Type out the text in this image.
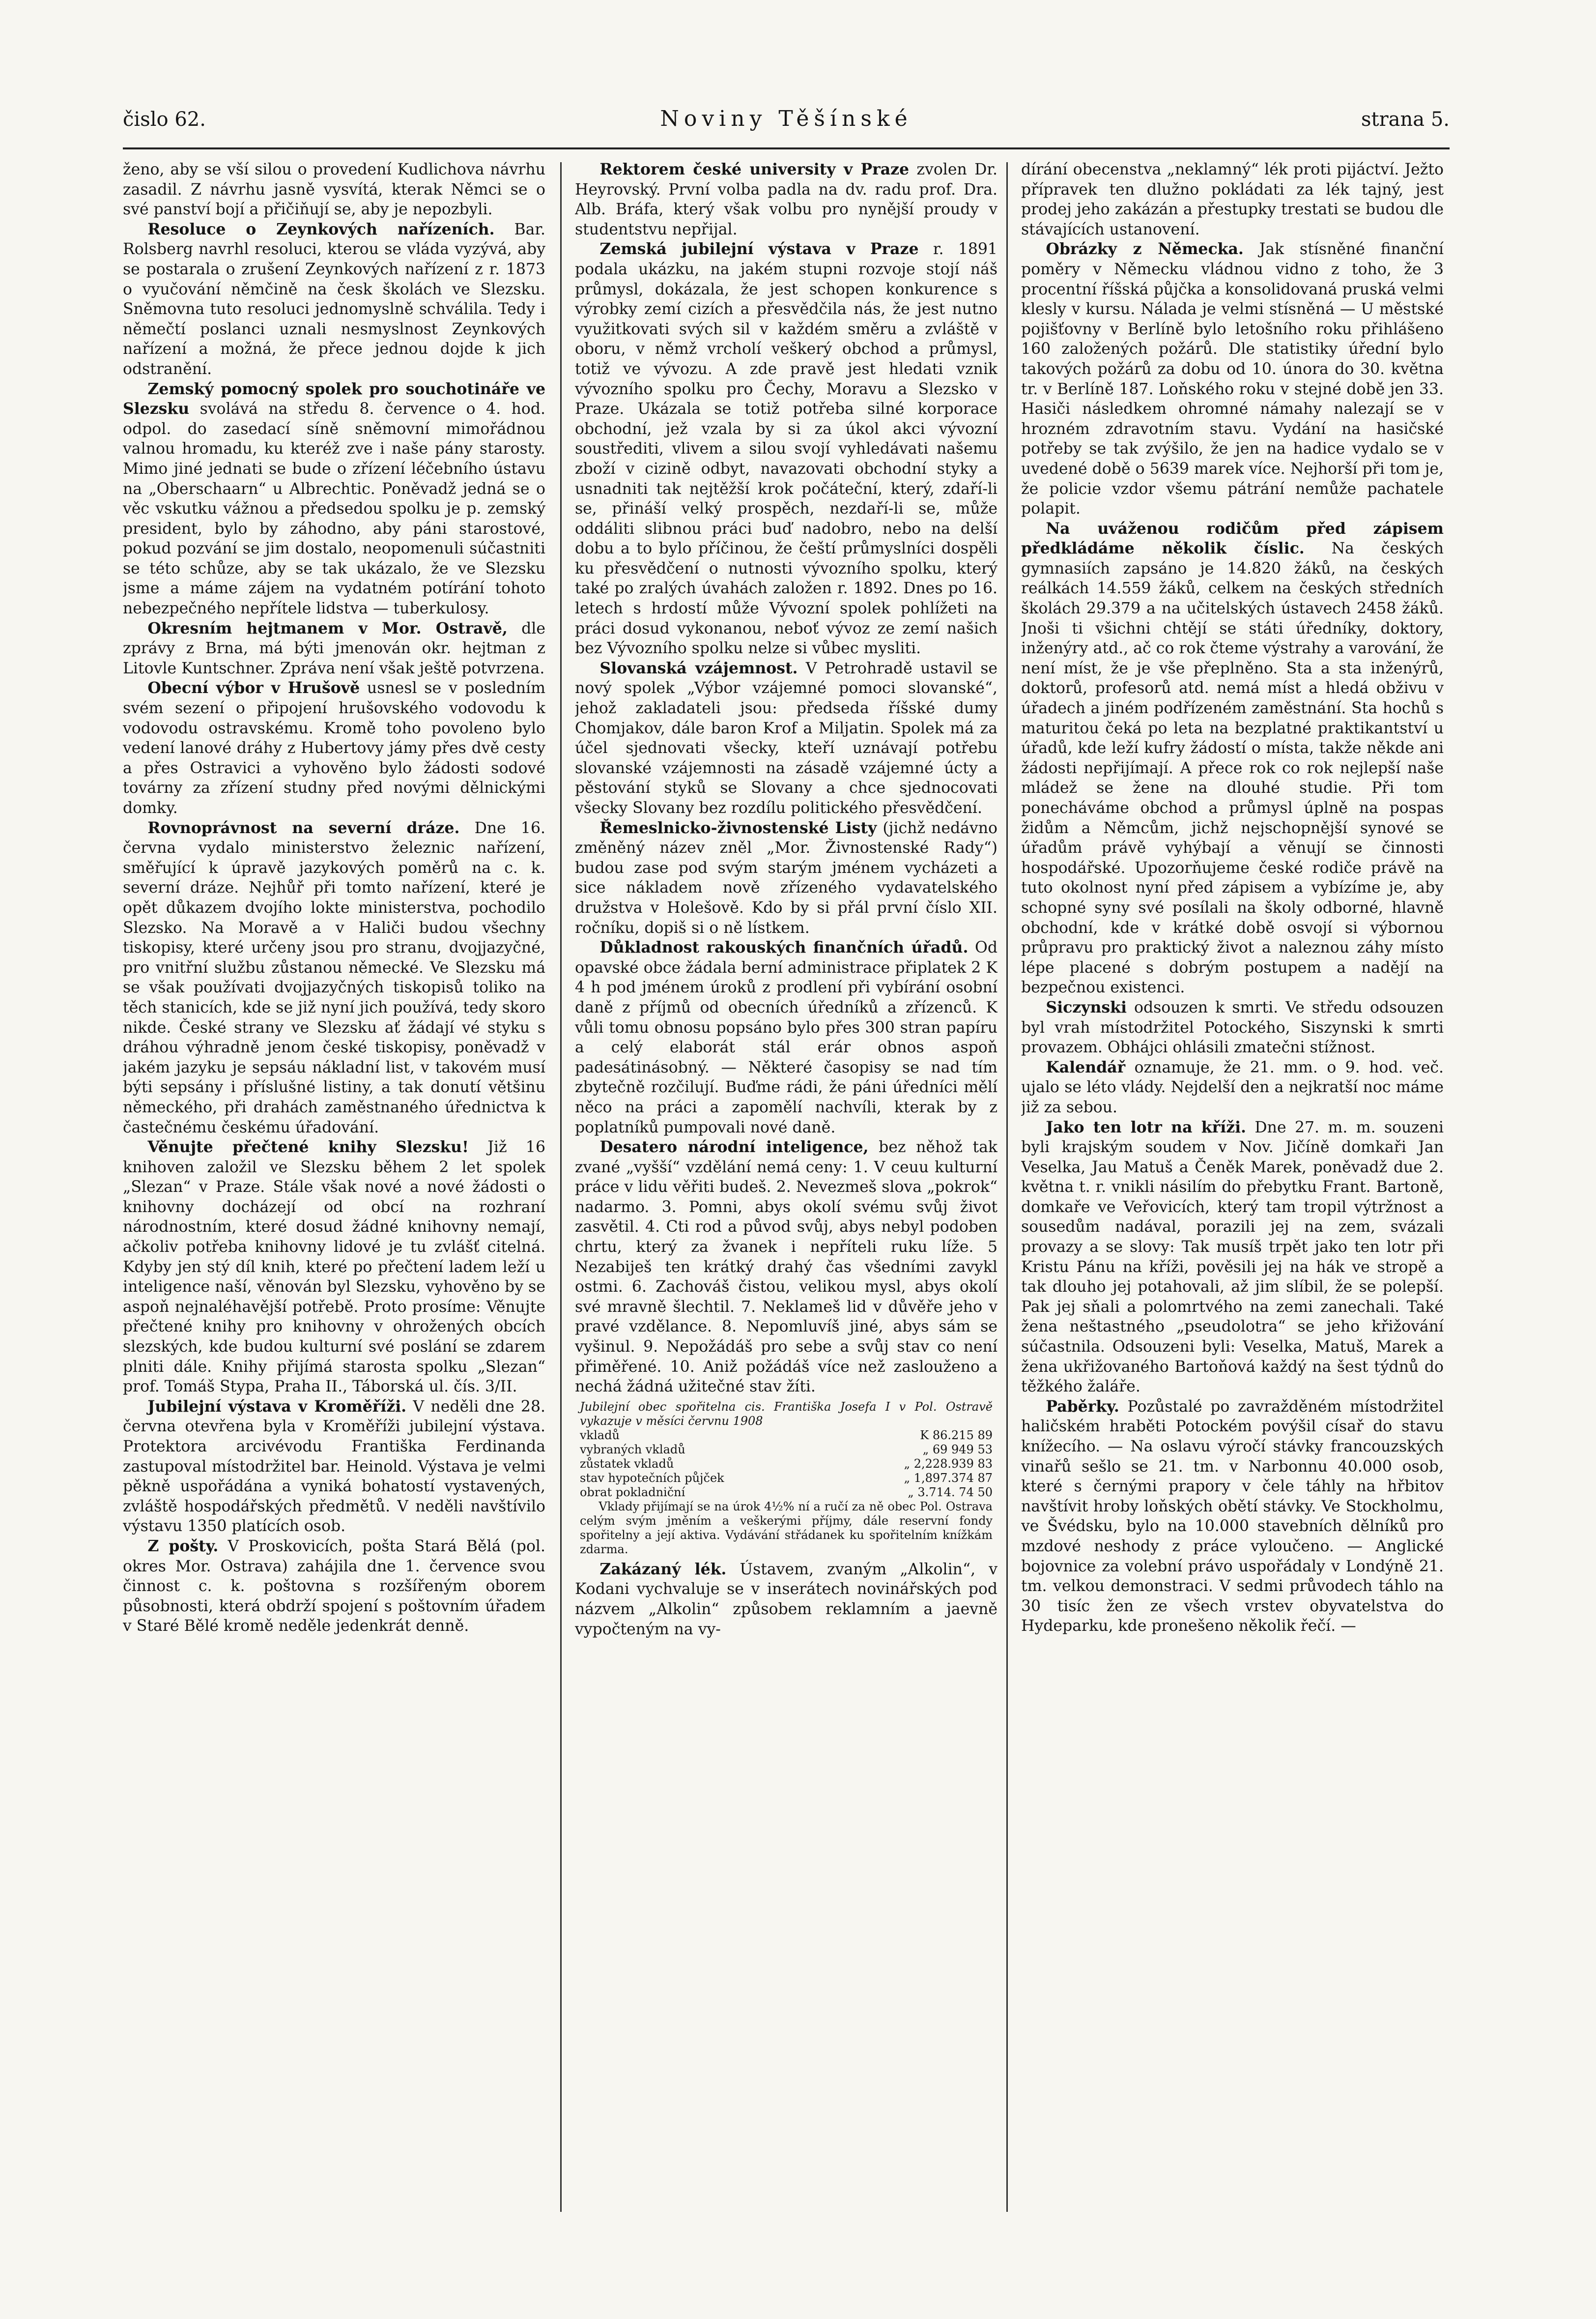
čislo 62.	Noviny Těšínské	strana 5.

ženo, aby se vší silou o provedení Kudlichova návrhu zasadil. Z návrhu jasně vysvítá, kterak Němci se o své panství bojí a přičiňují se, aby je nepozbyli.

Resoluce o Zeynkových nařízeních. Bar. Rolsberg navrhl resoluci, kterou se vláda vyzývá, aby se postarala o zrušení Zeynkových nařízení z r. 1873 o vyučování němčině na česk školách ve Slezsku. Sněmovna tuto resoluci jednomyslně schválila. Tedy i němečtí poslanci uznali nesmyslnost Zeynkových nařízení a možná, že přece jednou dojde k jich odstranění.

Zemský pomocný spolek pro souchotináře ve Slezsku svolává na středu 8. července o 4. hod. odpol. do zasedací síně sněmovní mimořádnou valnou hromadu, ku kteréž zve i naše pány starosty. Mimo jiné jednati se bude o zřízení léčebního ústavu na „Oberschaarn“ u Albrechtic. Poněvadž jedná se o věc vskutku vážnou a předsedou spolku je p. zemský president, bylo by záhodno, aby páni starostové, pokud pozvání se jim dostalo, neopomenuli súčastniti se této schůze, aby se tak ukázalo, že ve Slezsku jsme a máme zájem na vydatném potírání tohoto nebezpečného nepřítele lidstva — tuberkulosy.

Okresním hejtmanem v Mor. Ostravě, dle zprávy z Brna, má býti jmenován okr. hejtman z Litovle Kuntschner. Zpráva není však ještě potvrzena.

Obecní výbor v Hrušově usnesl se v posledním svém sezení o připojení hrušovského vodovodu k vodovodu ostravskému. Kromě toho povoleno bylo vedení lanové dráhy z Hubertovy jámy přes dvě cesty a přes Ostravici a vyhověno bylo žádosti sodové továrny za zřízení studny před novými dělnickými domky.

Rovnoprávnost na severní dráze. Dne 16. června vydalo ministerstvo železnic nařízení, směřující k úpravě jazykových poměrů na c. k. severní dráze. Nejhůř při tomto nařízení, které je opět důkazem dvojího lokte ministerstva, pochodilo Slezsko. Na Moravě a v Haliči budou všechny tiskopisy, které určeny jsou pro stranu, dvojjazyčné, pro vnitřní službu zůstanou německé. Ve Slezsku má se však používati dvojjazyčných tiskopisů toliko na těch stanicích, kde se již nyní jich používá, tedy skoro nikde. České strany ve Slezsku ať žádají vé styku s dráhou výhradně jenom české tiskopisy, poněvadž v jakém jazyku je sepsáu nákladní list, v takovém musí býti sepsány i příslušné listiny, a tak donutí většinu německého, při drahách zaměstnaného úřednictva k častečnému českému úřadování.

Věnujte přečtené knihy Slezsku! Již 16 knihoven založil ve Slezsku během 2 let spolek „Slezan“ v Praze. Stále však nové a nové žádosti o knihovny docházejí od obcí na rozhraní národnostním, které dosud žádné knihovny nemají, ačkoliv potřeba knihovny lidové je tu zvlášť citelná. Kdyby jen stý díl knih, které po přečtení ladem leží u inteligence naší, věnován byl Slezsku, vyhověno by se aspoň nejnaléhavější potřebě. Proto prosíme: Věnujte přečtené knihy pro knihovny v ohrožených obcích slezských, kde budou kulturní své poslání se zdarem plniti dále. Knihy přijímá starosta spolku „Slezan“ prof. Tomáš Stypa, Praha II., Táborská ul. čís. 3/II.

Jubilejní výstava v Kroměříži. V neděli dne 28. června otevřena byla v Kroměříži jubilejní výstava. Protektora arcivévodu Františka Ferdinanda zastupoval místodržitel bar. Heinold. Výstava je velmi pěkně uspořádána a vyniká bohatostí vystavených, zvláště hospodářských předmětů. V neděli navštívilo výstavu 1350 platících osob.

Z pošty. V Proskovicích, pošta Stará Bělá (pol. okres Mor. Ostrava) zahájila dne 1. července svou činnost c. k. poštovna s rozšířeným oborem působnosti, která obdrží spojení s poštovním úřadem v Staré Bělé kromě neděle jedenkrát denně.

Rektorem české university v Praze zvolen Dr. Heyrovský. První volba padla na dv. radu prof. Dra. Alb. Bráfa, který však volbu pro nynější proudy v studentstvu nepřijal.

Zemská jubilejní výstava v Praze r. 1891 podala ukázku, na jakém stupni rozvoje stojí náš průmysl, dokázala, že jest schopen konkurence s výrobky zemí cizích a přesvědčila nás, že jest nutno využitkovati svých sil v každém směru a zvláště v oboru, v němž vrcholí veškerý obchod a průmysl, totiž ve vývozu. A zde pravě jest hledati vznik vývozního spolku pro Čechy, Moravu a Slezsko v Praze. Ukázala se totiž potřeba silné korporace obchodní, jež vzala by si za úkol akci vývozní soustřediti, vlivem a silou svojí vyhledávati našemu zboží v cizině odbyt, navazovati obchodní styky a usnadniti tak nejtěžší krok počáteční, který, zdaří-li se, přináší velký prospěch, nezdaří-li se, může oddáliti slibnou práci buď nadobro, nebo na delší dobu a to bylo příčinou, že čeští průmyslníci dospěli ku přesvědčení o nutnosti vývozního spolku, který také po zralých úvahách založen r. 1892. Dnes po 16. letech s hrdostí může Vývozní spolek pohlížeti na práci dosud vykonanou, neboť vývoz ze zemí našich bez Vývozního spolku nelze si vůbec mysliti.

Slovanská vzájemnost. V Petrohradě ustavil se nový spolek „Výbor vzájemné pomoci slovanské“, jehož zakladateli jsou: předseda říšské dumy Chomjakov, dále baron Krof a Miljatin. Spolek má za účel sjednovati všecky, kteří uznávají potřebu slovanské vzájemnosti na zásadě vzájemné úcty a pěstování styků se Slovany a chce sjednocovati všecky Slovany bez rozdílu politického přesvědčení.

Řemeslnicko-živnostenské Listy (jichž nedávno změněný název zněl „Mor. Živnostenské Rady“) budou zase pod svým starým jménem vycházeti a sice nákladem nově zřízeného vydavatelského družstva v Holešově. Kdo by si přál první číslo XII. ročníku, dopiš si o ně lístkem.

Důkladnost rakouských finančních úřadů. Od opavské obce žádala berní administrace připlatek 2 K 4 h pod jménem úroků z prodlení při vybírání osobní daně z příjmů od obecních úředníků a zřízenců. K vůli tomu obnosu popsáno bylo přes 300 stran papíru a celý elaborát stál erár obnos aspoň padesátinásobný. — Některé časopisy se nad tím zbytečně rozčilují. Buďme rádi, že páni úředníci mělí něco na práci a zapomělí nachvíli, kterak by z poplatníků pumpovali nové daně.

Desatero národní inteligence, bez něhož tak zvané „vyšší“ vzdělání nemá ceny: 1. V ceuu kulturní práce v lidu věřiti budeš. 2. Nevezmeš slova „pokrok“ nadarmo. 3. Pomni, abys okolí svému svůj život zasvětil. 4. Cti rod a původ svůj, abys nebyl podoben chrtu, který za žvanek i nepříteli ruku líže. 5 Nezabiješ ten krátký drahý čas všedními zavykl ostmi. 6. Zachováš čistou, velikou mysl, abys okolí své mravně šlechtil. 7. Neklameš lid v důvěře jeho v pravé vzdělance. 8. Nepomluvíš jiné, abys sám se vyšinul. 9. Nepožádáš pro sebe a svůj stav co není přiměřené. 10. Aniž požádáš více než zaslouženo a nechá žádná užitečné stav žíti.

Jubilejní obec spořitelna cis. Františka Josefa I v Pol. Ostravě vykazuje v měsíci červnu 1908

vkladů	K 86.215 89
vybraných vkladů	„ 69 949 53
zůstatek vkladů	„ 2,228.939 83
stav hypotečních půjček	„ 1,897.374 87
obrat pokladniční	„ 3.714. 74 50

Vklady přijímají se na úrok 4½% ní a ručí za ně obec Pol. Ostrava celým svým jměním a veškerými příjmy, dále reservní fondy spořitelny a její aktiva. Vydávání střádanek ku spořitelním knížkám zdarma.

Zakázaný lék. Ústavem, zvaným „Alkolin“, v Kodani vychvaluje se v inserátech novinářských pod názvem „Alkolin“ způsobem reklamním a jaevně vypočteným na vy-

dírání obecenstva „neklamný“ lék proti pijáctví. Ježto přípravek ten dlužno pokládati za lék tajný, jest prodej jeho zakázán a přestupky trestati se budou dle stávajících ustanovení.

Obrázky z Německa. Jak stísněné finanční poměry v Německu vládnou vidno z toho, že 3 procentní říšská půjčka a konsolidovaná pruská velmi klesly v kursu. Nálada je velmi stísněná — U městské pojišťovny v Berlíně bylo letošního roku přihlášeno 160 založených požárů. Dle statistiky úřední bylo takových požárů za dobu od 10. února do 30. května tr. v Berlíně 187. Loňského roku v stejné době jen 33. Hasiči následkem ohromné námahy nalezají se v hrozném zdravotním stavu. Vydání na hasičské potřeby se tak zvýšilo, že jen na hadice vydalo se v uvedené době o 5639 marek více. Nejhorší při tom je, že policie vzdor všemu pátrání nemůže pachatele polapit.

Na uváženou rodičům před zápisem předkládáme několik číslic. Na českých gymnasiích zapsáno je 14.820 žáků, na českých reálkách 14.559 žáků, celkem na českých středních školách 29.379 a na učitelských ústavech 2458 žáků. Jnoši ti všichni chtějí se státi úředníky, doktory, inženýry atd., ač co rok čteme výstrahy a varování, že není míst, že je vše přeplněno. Sta a sta inženýrů, doktorů, profesorů atd. nemá míst a hledá obživu v úřadech a jiném podřízeném zaměstnání. Sta hochů s maturitou čeká po leta na bezplatné praktikantství u úřadů, kde leží kufry žádostí o místa, takže někde ani žádosti nepřijímají. A přece rok co rok nejlepší naše mládež se žene na dlouhé studie. Při tom ponecháváme obchod a průmysl úplně na pospas židům a Němcům, jichž nejschopnější synové se úřadům právě vyhýbají a věnují se činnosti hospodářské. Upozorňujeme české rodiče právě na tuto okolnost nyní před zápisem a vybízíme je, aby schopné syny své posílali na školy odborné, hlavně obchodní, kde v krátké době osvojí si výbornou průpravu pro praktický život a naleznou záhy místo lépe placené s dobrým postupem a nadějí na bezpečnou existenci.

Siczynski odsouzen k smrti. Ve středu odsouzen byl vrah místodržitel Potockého, Siszynski k smrti provazem. Obhájci ohlásili zmatečni stížnost.

Kalendář oznamuje, že 21. mm. o 9. hod. več. ujalo se léto vlády. Nejdelší den a nejkratší noc máme již za sebou.

Jako ten lotr na kříži. Dne 27. m. m. souzeni byli krajským soudem v Nov. Jičíně domkaři Jan Veselka, Jau Matuš a Čeněk Marek, poněvadž due 2. května t. r. vnikli násilím do přebytku Frant. Bartoně, domkaře ve Veřovicích, který tam tropil výtržnost a sousedům nadával, porazili jej na zem, svázali provazy a se slovy: Tak musíš trpět jako ten lotr při Kristu Pánu na kříži, pověsili jej na hák ve stropě a tak dlouho jej potahovali, až jim slíbil, že se polepší. Pak jej sňali a polomrtvého na zemi zanechali. Také žena neštastného „pseudolotra“ se jeho křižování súčastnila. Odsouzeni byli: Veselka, Matuš, Marek a žena ukřižovaného Bartoňová každý na šest týdnů do těžkého žaláře.

Paběrky. Pozůstalé po zavražděném místodržitel haličském hraběti Potockém povýšil císař do stavu knížecího. — Na oslavu výročí stávky francouzských vinařů sešlo se 21. tm. v Narbonnu 40.000 osob, které s černými prapory v čele táhly na hřbitov navštívit hroby loňských obětí stávky. Ve Stockholmu, ve Švédsku, bylo na 10.000 stavebních dělníků pro mzdové neshody z práce vyloučeno. — Anglické bojovnice za volební právo uspořádaly v Londýně 21. tm. velkou demonstraci. V sedmi průvodech táhlo na 30 tisíc žen ze všech vrstev obyvatelstva do Hydeparku, kde pronešeno několik řečí. —
